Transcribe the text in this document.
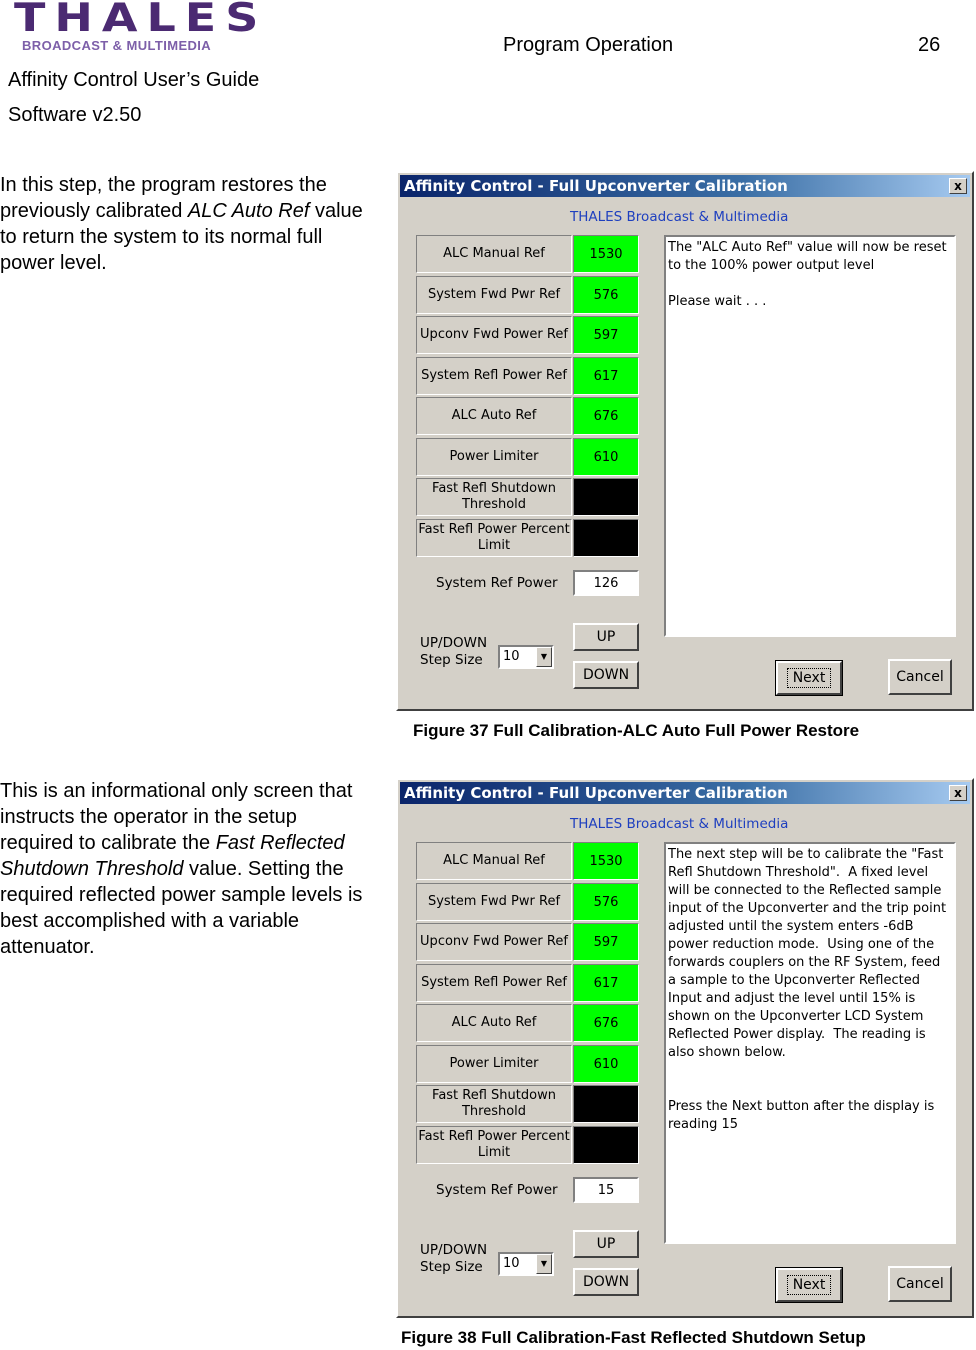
THALES
BROADCAST & MULTIMEDIA
Affinity Control User’s Guide
Software v2.50
Program Operation	26
In this step, the program restores the previously calibrated ALC Auto Ref value to return the system to its normal full power level.
This is an informational only screen that instructs the operator in the setup required to calibrate the Fast Reflected Shutdown Threshold value. Setting the required reflected power sample levels is best accomplished with a variable attenuator.
Affinity Control - Full Upconverter Calibration	x
THALES Broadcast & Multimedia
ALC Manual Ref	1530
System Fwd Pwr Ref	576
Upconv Fwd Power Ref	597
System Refl Power Ref	617
ALC Auto Ref	676
Power Limiter	610
Fast Refl Shutdown Threshold
Fast Refl Power Percent Limit
The "ALC Auto Ref" value will now be reset to the 100% power output level

Please wait . . .
System Ref Power	126
UP/DOWN Step Size	10	▼
UP
DOWN	Next	Cancel
Figure 37 Full Calibration-ALC Auto Full Power Restore
Affinity Control - Full Upconverter Calibration	x
THALES Broadcast & Multimedia
ALC Manual Ref	1530
System Fwd Pwr Ref	576
Upconv Fwd Power Ref	597
System Refl Power Ref	617
ALC Auto Ref	676
Power Limiter	610
Fast Refl Shutdown Threshold
Fast Refl Power Percent Limit
The next step will be to calibrate the "Fast Refl Shutdown Threshold".  A fixed level will be connected to the Reflected sample input of the Upconverter and the trip point adjusted until the system enters -6dB power reduction mode.  Using one of the forwards couplers on the RF System, feed a sample to the Upconverter Reflected Input and adjust the level until 15% is shown on the Upconverter LCD System Reflected Power display.  The reading is also shown below.

Press the Next button after the display is reading 15
System Ref Power	15
UP/DOWN Step Size	10	▼
UP
DOWN	Next	Cancel
Figure 38 Full Calibration-Fast Reflected Shutdown Setup
